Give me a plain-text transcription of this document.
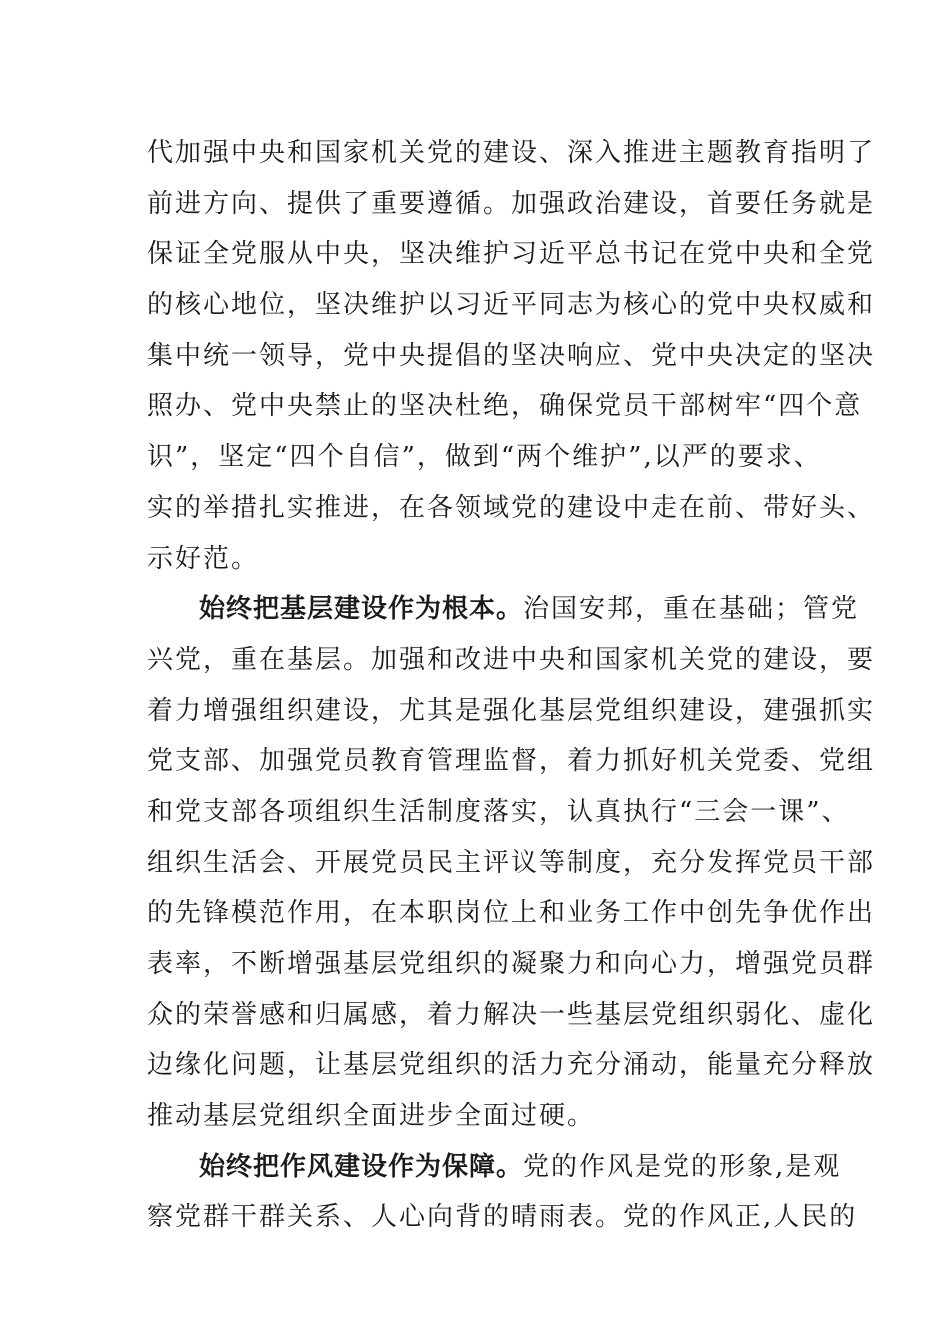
代加强中央和国家机关党的建设、深入推进主题教育指明了
前进方向、提供了重要遵循。加强政治建设，首要任务就是
保证全党服从中央，坚决维护习近平总书记在党中央和全党
的核心地位，坚决维护以习近平同志为核心的党中央权威和
集中统一领导，党中央提倡的坚决响应、党中央决定的坚决
照办、党中央禁止的坚决杜绝，确保党员干部树牢“四个意
识”，坚定“四个自信”，做到“两个维护”,以严的要求、
实的举措扎实推进，在各领域党的建设中走在前、带好头、
示好范。
始终把基层建设作为根本。治国安邦，重在基础；管党
兴党，重在基层。加强和改进中央和国家机关党的建设，要
着力增强组织建设，尤其是强化基层党组织建设，建强抓实
党支部、加强党员教育管理监督，着力抓好机关党委、党组
和党支部各项组织生活制度落实，认真执行“三会一课”、
组织生活会、开展党员民主评议等制度，充分发挥党员干部
的先锋模范作用，在本职岗位上和业务工作中创先争优作出
表率，不断增强基层党组织的凝聚力和向心力，增强党员群
众的荣誉感和归属感，着力解决一些基层党组织弱化、虚化
边缘化问题，让基层党组织的活力充分涌动，能量充分释放
推动基层党组织全面进步全面过硬。
始终把作风建设作为保障。党的作风是党的形象,是观
察党群干群关系、人心向背的晴雨表。党的作风正,人民的
